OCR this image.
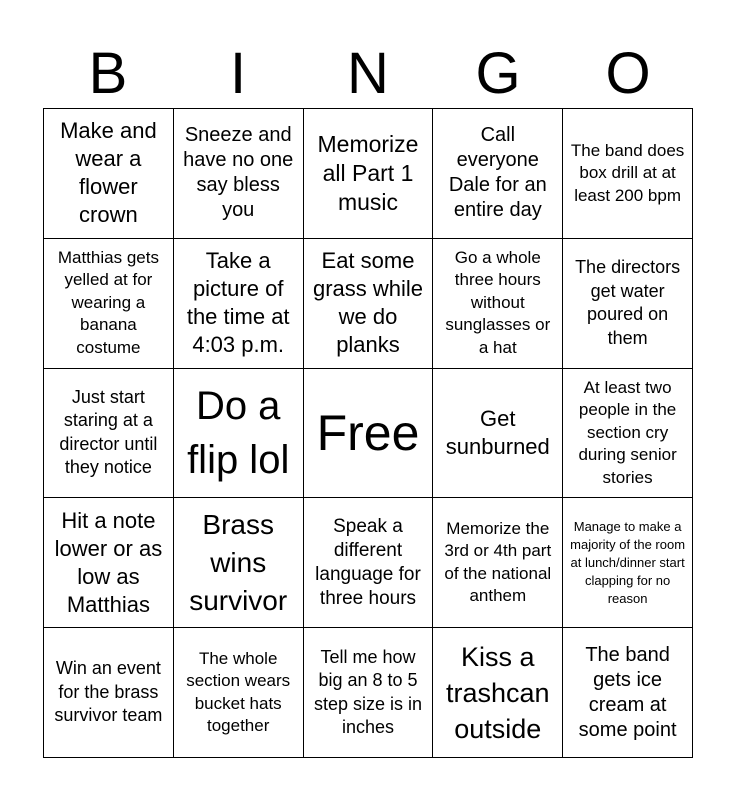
B	I	N	G	O
Make and wear a flower crown
Sneeze and have no one say bless you
Memorize all Part 1 music
Call everyone Dale for an entire day
The band does box drill at at least 200 bpm
Matthias gets yelled at for wearing a banana costume
Take a picture of the time at 4:03 p.m.
Eat some grass while we do planks
Go a whole three hours without sunglasses or a hat
The directors get water poured on them
Just start staring at a director until they notice
Do a flip lol Free	Get sunburned
At least two people in the section cry during senior stories
Hit a note lower or as low as Matthias
Brass wins survivor
Speak a different language for three hours
Memorize the 3rd or 4th part of the national anthem
Manage to make a majority of the room at lunch/dinner start clapping for no reason
Win an event for the brass survivor team
The whole section wears bucket hats together
Tell me how big an 8 to 5 step size is in inches
Kiss a trashcan outside
The band gets ice cream at some point
